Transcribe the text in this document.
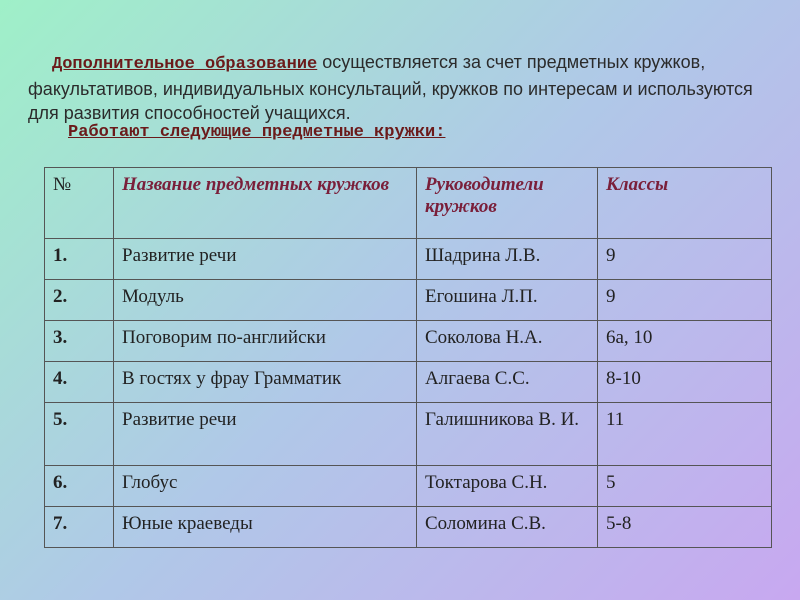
Дополнительное образование осуществляется за счет предметных кружков, факультативов, индивидуальных консультаций, кружков по интересам и используются для развития способностей учащихся.
Работают следующие предметные кружки:
№	Название предметных кружков	Руководители кружков	Классы
1.	Развитие речи	Шадрина Л.В.	9
2.	Модуль	Егошина Л.П.	9
3.	Поговорим по-английски	Соколова Н.А.	6а, 10
4.	В гостях у фрау Грамматик	Алгаева С.С.	8-10
5.	Развитие речи	Галишникова В. И.	11
6.	Глобус	Токтарова С.Н.	5
7.	Юные краеведы	Соломина С.В.	5-8
